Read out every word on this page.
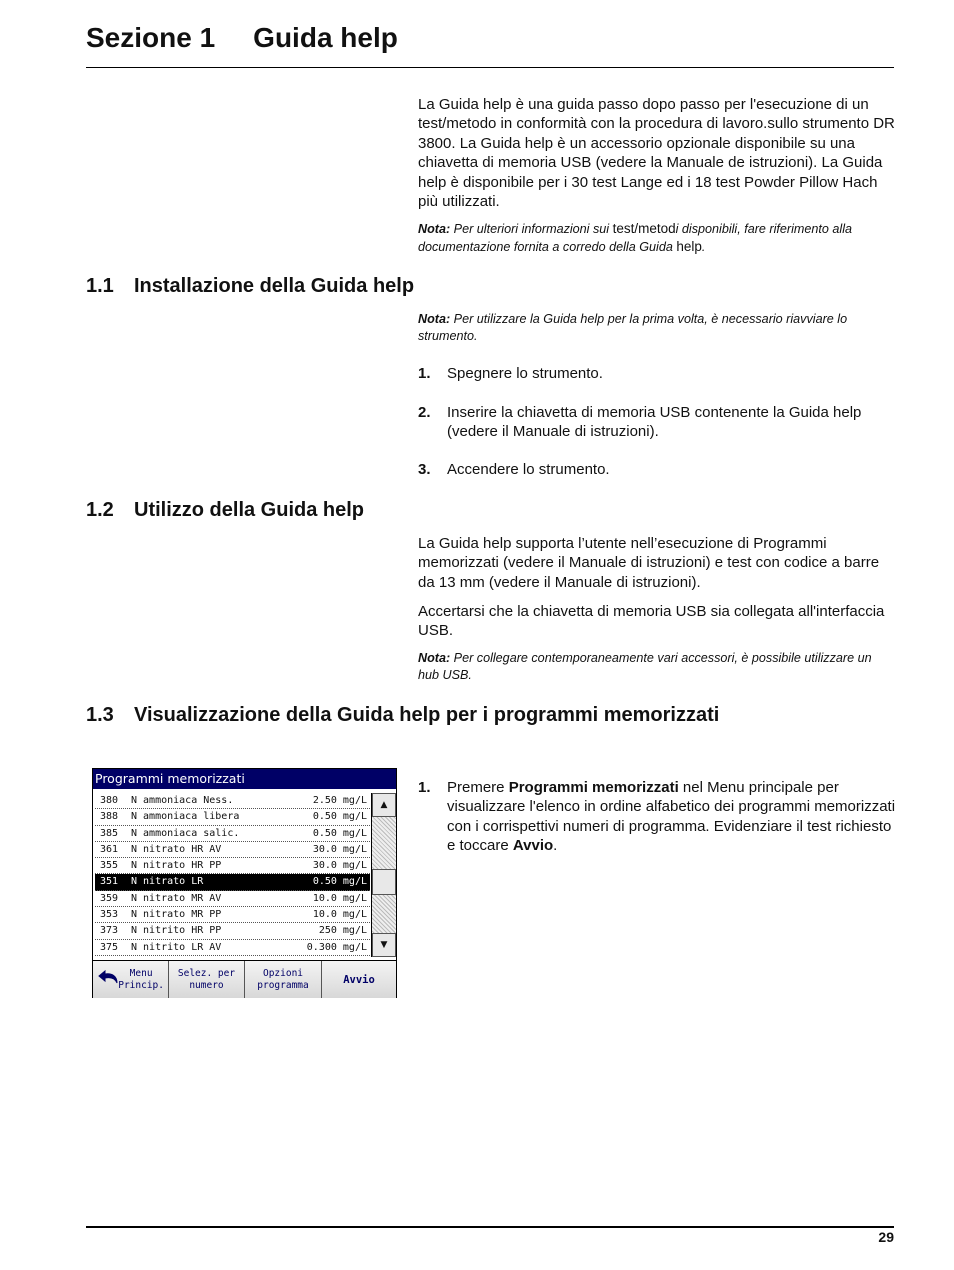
Sezione 1 Guida help
La Guida help è una guida passo dopo passo per l'esecuzione di un test/metodo in conformità con la procedura di lavoro.sullo strumento DR 3800. La Guida help è un accessorio opzionale disponibile su una chiavetta di memoria USB (vedere la Manuale de istruzioni). La Guida help è disponibile per i 30 test Lange ed i 18 test Powder Pillow Hach più utilizzati.
Nota: Per ulteriori informazioni sui test/metodi disponibili, fare riferimento alla documentazione fornita a corredo della Guida help.
1.1 Installazione della Guida help
Nota: Per utilizzare la Guida help per la prima volta, è necessario riavviare lo strumento.
1.	Spegnere lo strumento.
2.	Inserire la chiavetta di memoria USB contenente la Guida help (vedere il Manuale di istruzioni).
3.	Accendere lo strumento.
1.2 Utilizzo della Guida help
La Guida help supporta l’utente nell’esecuzione di Programmi memorizzati (vedere il Manuale di istruzioni) e test con codice a barre da 13 mm (vedere il Manuale di istruzioni).
Accertarsi che la chiavetta di memoria USB sia collegata all'interfaccia USB.
Nota: Per collegare contemporaneamente vari accessori, è possibile utilizzare un hub USB.
1.3 Visualizzazione della Guida help per i programmi memorizzati
1.	Premere Programmi memorizzati nel Menu principale per visualizzare l'elenco in ordine alfabetico dei programmi memorizzati con i corrispettivi numeri di programma. Evidenziare il test richiesto e toccare Avvio.
Programmi memorizzati
380 N ammoniaca Ness.	2.50 mg/L
388 N ammoniaca libera	0.50 mg/L
385 N ammoniaca salic.	0.50 mg/L
361 N nitrato HR AV	30.0 mg/L
355 N nitrato HR PP	30.0 mg/L
351 N nitrato LR	0.50 mg/L
359 N nitrato MR AV	10.0 mg/L
353 N nitrato MR PP	10.0 mg/L
373 N nitrito HR PP	250 mg/L
375 N nitrito LR AV	0.300 mg/L
▲
▼
Menu
Princip.
Selez. per
numero
Opzioni
programma	Avvio
29
